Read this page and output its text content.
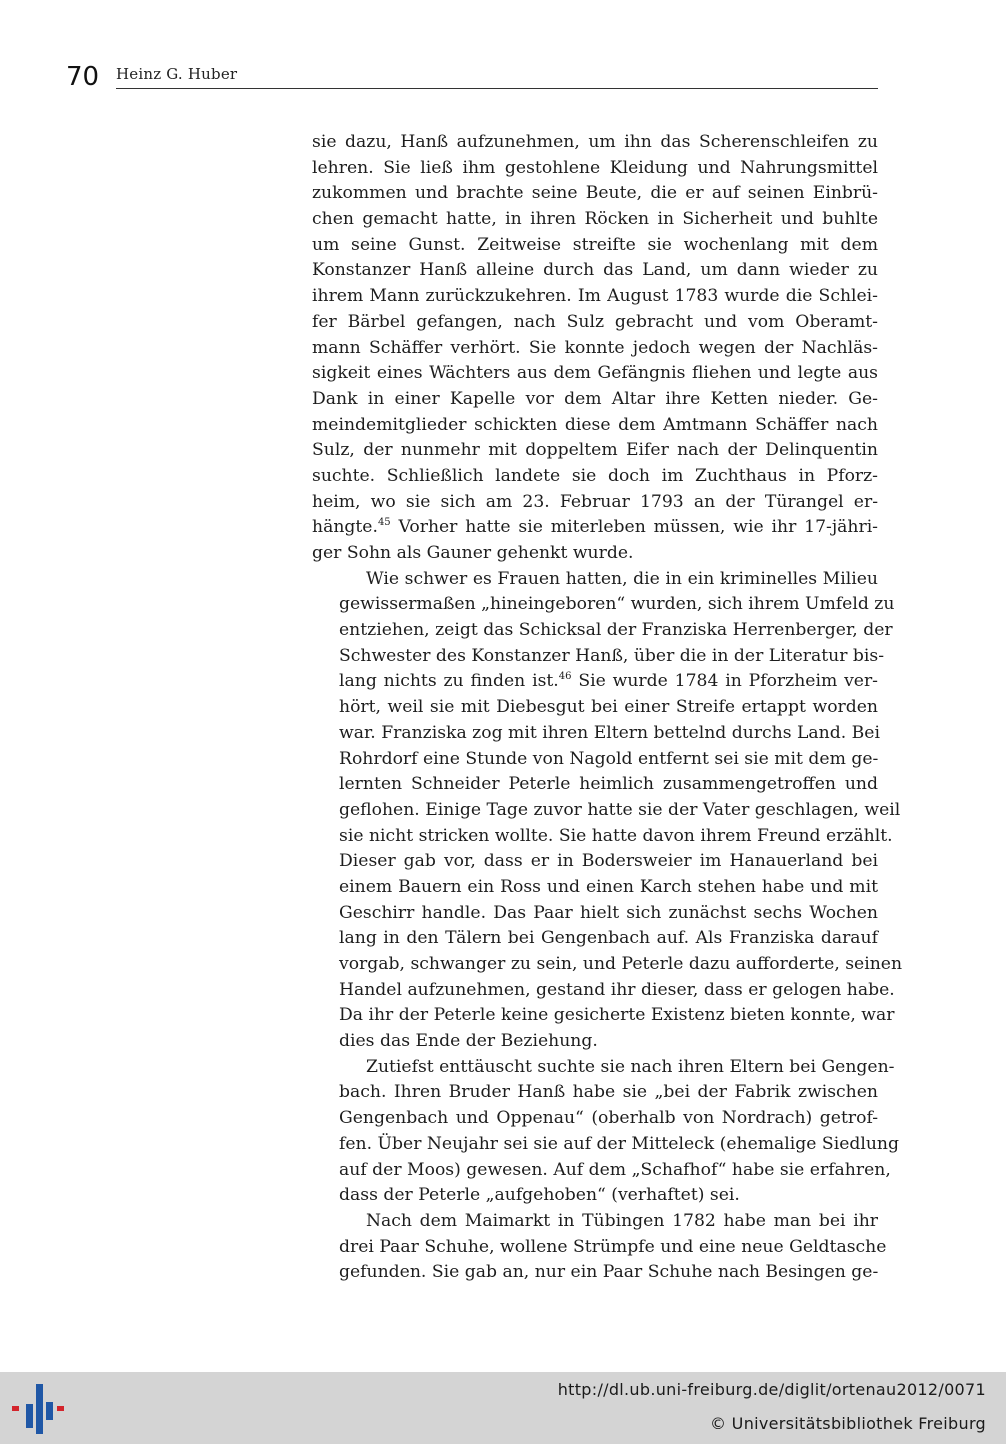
70 Heinz G. Huber
sie dazu, Hanß aufzunehmen, um ihn das Scherenschleifen zu
lehren. Sie ließ ihm gestohlene Kleidung und Nahrungsmittel
zukommen und brachte seine Beute, die er auf seinen Einbrü-
chen gemacht hatte, in ihren Röcken in Sicherheit und buhlte
um seine Gunst. Zeitweise streifte sie wochenlang mit dem
Konstanzer Hanß alleine durch das Land, um dann wieder zu
ihrem Mann zurückzukehren. Im August 1783 wurde die Schlei-
fer Bärbel gefangen, nach Sulz gebracht und vom Oberamt-
mann Schäffer verhört. Sie konnte jedoch wegen der Nachläs-
sigkeit eines Wächters aus dem Gefängnis fliehen und legte aus
Dank in einer Kapelle vor dem Altar ihre Ketten nieder. Ge-
meindemitglieder schickten diese dem Amtmann Schäffer nach
Sulz, der nunmehr mit doppeltem Eifer nach der Delinquentin
suchte. Schließlich landete sie doch im Zuchthaus in Pforz-
heim, wo sie sich am 23. Februar 1793 an der Türangel er-
hängte.$^{45}$ Vorher hatte sie miterleben müssen, wie ihr 17-jähri-
ger Sohn als Gauner gehenkt wurde.
Wie schwer es Frauen hatten, die in ein kriminelles Milieu
gewissermaßen „hineingeboren“ wurden, sich ihrem Umfeld zu
entziehen, zeigt das Schicksal der Franziska Herrenberger, der
Schwester des Konstanzer Hanß, über die in der Literatur bis-
lang nichts zu finden ist.$^{46}$ Sie wurde 1784 in Pforzheim ver-
hört, weil sie mit Diebesgut bei einer Streife ertappt worden
war. Franziska zog mit ihren Eltern bettelnd durchs Land. Bei
Rohrdorf eine Stunde von Nagold entfernt sei sie mit dem ge-
lernten Schneider Peterle heimlich zusammengetroffen und
geflohen. Einige Tage zuvor hatte sie der Vater geschlagen, weil
sie nicht stricken wollte. Sie hatte davon ihrem Freund erzählt.
Dieser gab vor, dass er in Bodersweier im Hanauerland bei
einem Bauern ein Ross und einen Karch stehen habe und mit
Geschirr handle. Das Paar hielt sich zunächst sechs Wochen
lang in den Tälern bei Gengenbach auf. Als Franziska darauf
vorgab, schwanger zu sein, und Peterle dazu aufforderte, seinen
Handel aufzunehmen, gestand ihr dieser, dass er gelogen habe.
Da ihr der Peterle keine gesicherte Existenz bieten konnte, war
dies das Ende der Beziehung.
Zutiefst enttäuscht suchte sie nach ihren Eltern bei Gengen-
bach. Ihren Bruder Hanß habe sie „bei der Fabrik zwischen
Gengenbach und Oppenau“ (oberhalb von Nordrach) getrof-
fen. Über Neujahr sei sie auf der Mitteleck (ehemalige Siedlung
auf der Moos) gewesen. Auf dem „Schafhof“ habe sie erfahren,
dass der Peterle „aufgehoben“ (verhaftet) sei.
Nach dem Maimarkt in Tübingen 1782 habe man bei ihr
drei Paar Schuhe, wollene Strümpfe und eine neue Geldtasche
gefunden. Sie gab an, nur ein Paar Schuhe nach Besingen ge-
http://dl.ub.uni-freiburg.de/diglit/ortenau2012/0071
© Universitätsbibliothek Freiburg
